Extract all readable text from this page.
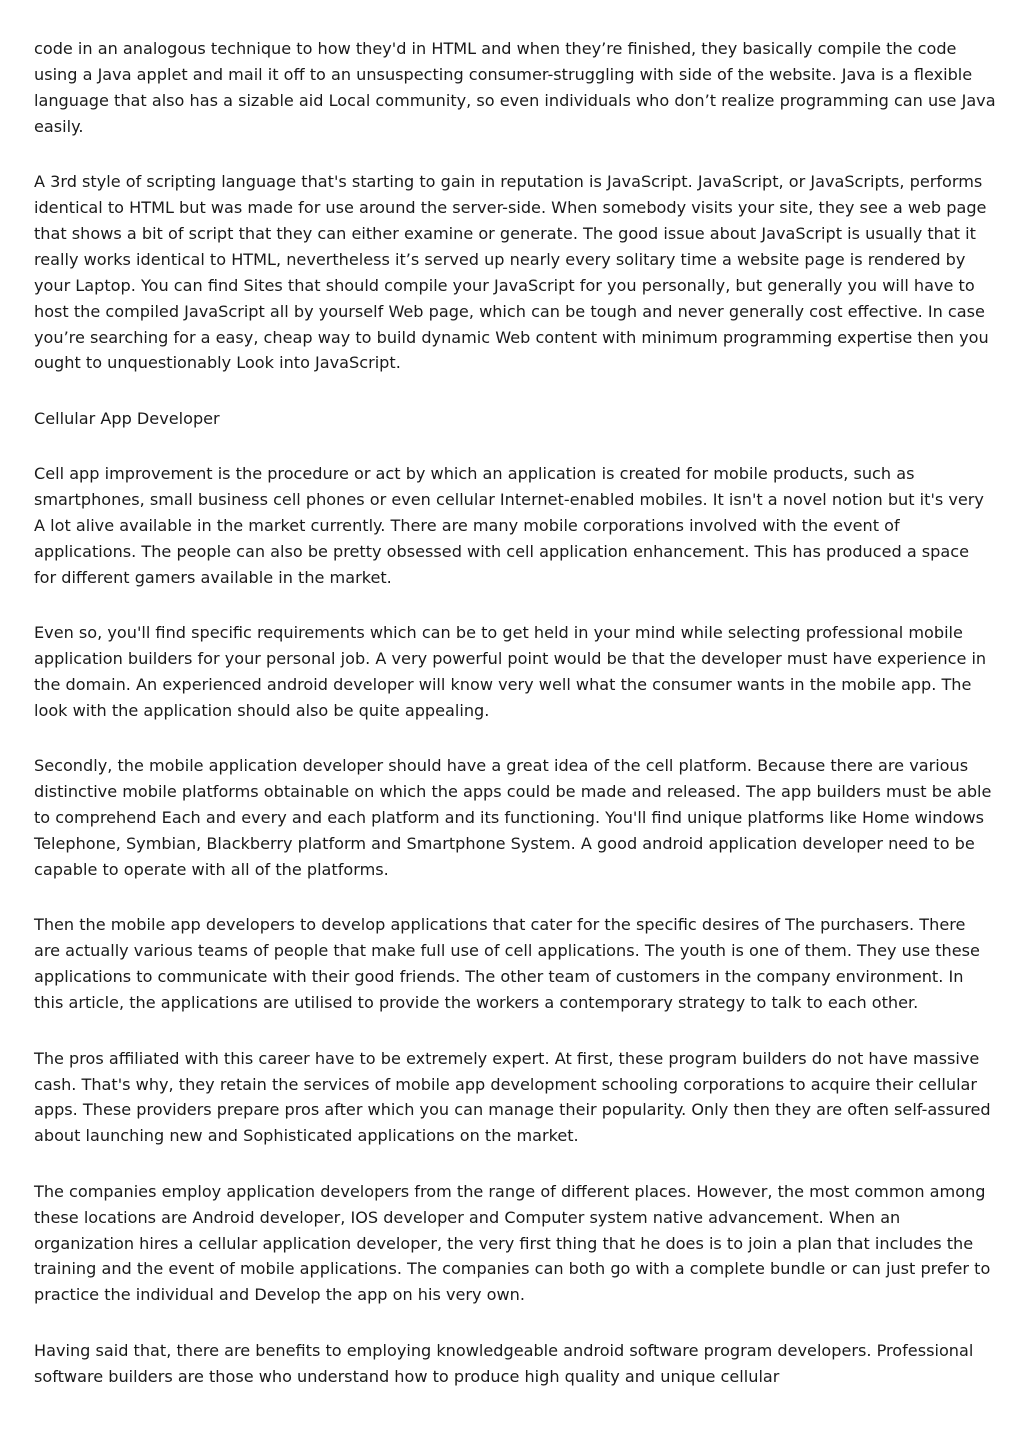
code in an analogous technique to how they'd in HTML and when they’re finished, they basically compile the code using a Java applet and mail it off to an unsuspecting consumer-struggling with side of the website. Java is a flexible language that also has a sizable aid Local community, so even individuals who don’t realize programming can use Java easily.

A 3rd style of scripting language that's starting to gain in reputation is JavaScript. JavaScript, or JavaScripts, performs identical to HTML but was made for use around the server-side. When somebody visits your site, they see a web page that shows a bit of script that they can either examine or generate. The good issue about JavaScript is usually that it really works identical to HTML, nevertheless it’s served up nearly every solitary time a website page is rendered by your Laptop. You can find Sites that should compile your JavaScript for you personally, but generally you will have to host the compiled JavaScript all by yourself Web page, which can be tough and never generally cost effective. In case you’re searching for a easy, cheap way to build dynamic Web content with minimum programming expertise then you ought to unquestionably Look into JavaScript.

Cellular App Developer

Cell app improvement is the procedure or act by which an application is created for mobile products, such as smartphones, small business cell phones or even cellular Internet-enabled mobiles. It isn't a novel notion but it's very A lot alive available in the market currently. There are many mobile corporations involved with the event of applications. The people can also be pretty obsessed with cell application enhancement. This has produced a space for different gamers available in the market.

Even so, you'll find specific requirements which can be to get held in your mind while selecting professional mobile application builders for your personal job. A very powerful point would be that the developer must have experience in the domain. An experienced android developer will know very well what the consumer wants in the mobile app. The look with the application should also be quite appealing.

Secondly, the mobile application developer should have a great idea of the cell platform. Because there are various distinctive mobile platforms obtainable on which the apps could be made and released. The app builders must be able to comprehend Each and every and each platform and its functioning. You'll find unique platforms like Home windows Telephone, Symbian, Blackberry platform and Smartphone System. A good android application developer need to be capable to operate with all of the platforms.

Then the mobile app developers to develop applications that cater for the specific desires of The purchasers. There are actually various teams of people that make full use of cell applications. The youth is one of them. They use these applications to communicate with their good friends. The other team of customers in the company environment. In this article, the applications are utilised to provide the workers a contemporary strategy to talk to each other.

The pros affiliated with this career have to be extremely expert. At first, these program builders do not have massive cash. That's why, they retain the services of mobile app development schooling corporations to acquire their cellular apps. These providers prepare pros after which you can manage their popularity. Only then they are often self-assured about launching new and Sophisticated applications on the market.

The companies employ application developers from the range of different places. However, the most common among these locations are Android developer, IOS developer and Computer system native advancement. When an organization hires a cellular application developer, the very first thing that he does is to join a plan that includes the training and the event of mobile applications. The companies can both go with a complete bundle or can just prefer to practice the individual and Develop the app on his very own.

Having said that, there are benefits to employing knowledgeable android software program developers. Professional software builders are those who understand how to produce high quality and unique cellular
